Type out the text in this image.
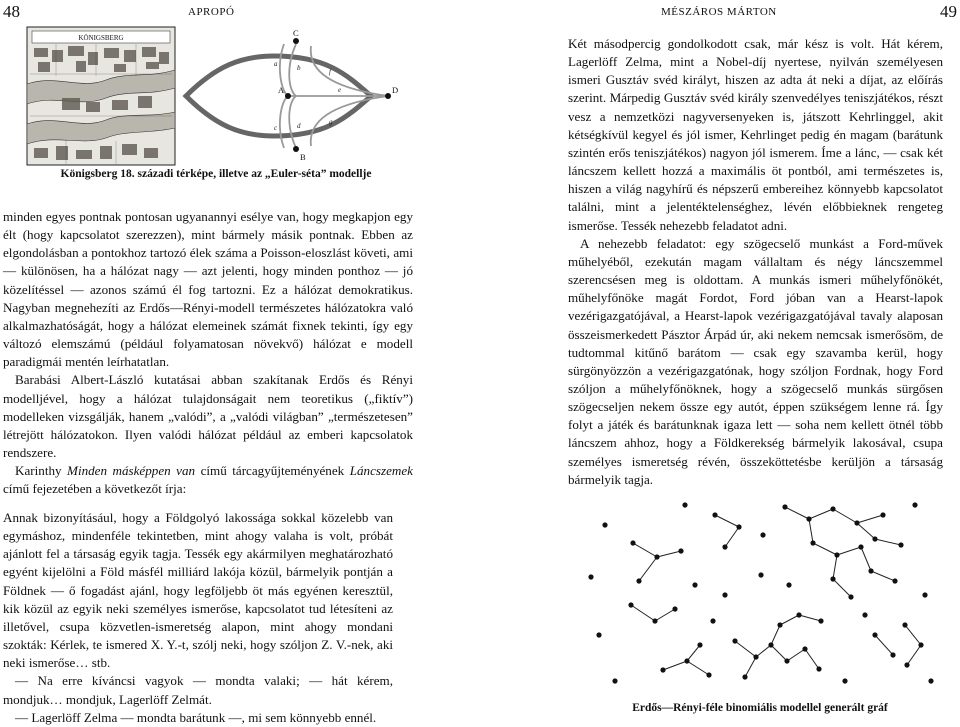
48	APROPÓ	MÉSZÁROS MÁRTON	49
KÖNIGSBERG	C
A
B
D
a	b
c	d
e
f
g
Königsberg 18. századi térképe, illetve az „Euler-séta” modellje

minden egyes pontnak pontosan ugyanannyi esélye van, hogy megkapjon egy élt (hogy kapcsolatot szerezzen), mint bármely másik pontnak. Ebben az elgondolásban a pontokhoz tartozó élek száma a Poisson-eloszlást követi, ami — különösen, ha a hálózat nagy — azt jelenti, hogy minden ponthoz — jó közelítéssel — azonos számú él fog tartozni. Ez a hálózat demokratikus. Nagyban megnehezíti az Erdős—Rényi-modell természetes hálózatokra való alkalmazhatóságát, hogy a hálózat elemeinek számát fixnek tekinti, így egy változó elemszámú (például folyamatosan növekvő) hálózat e modell paradigmái mentén leírhatatlan.

Barabási Albert-László kutatásai abban szakítanak Erdős és Rényi modelljével, hogy a hálózat tulajdonságait nem teoretikus („fiktív”) modelleken vizsgálják, hanem „valódi”, a „valódi világban” „természetesen” létrejött hálózatokon. Ilyen valódi hálózat például az emberi kapcsolatok rendszere.

Karinthy Minden másképpen van című tárcagyűjteményének Láncszemek című fejezetében a következőt írja:

Annak bizonyításául, hogy a Földgolyó lakossága sokkal közelebb van egymáshoz, mindenféle tekintetben, mint ahogy valaha is volt, próbát ajánlott fel a társaság egyik tagja. Tessék egy akármilyen meghatározható egyént kijelölni a Föld másfél milliárd lakója közül, bármelyik pontján a Földnek — ő fogadást ajánl, hogy legföljebb öt más egyénen keresztül, kik közül az egyik neki személyes ismerőse, kapcsolatot tud létesíteni az illetővel, csupa közvetlen-ismeretség alapon, mint ahogy mondani szokták: Kérlek, te ismered X. Y.-t, szólj neki, hogy szóljon Z. V.-nek, aki neki ismerőse… stb.

— Na erre kíváncsi vagyok — mondta valaki; — hát kérem, mondjuk… mondjuk, Lagerlöff Zelmát.

— Lagerlöff Zelma — mondta barátunk —, mi sem könnyebb ennél.

Két másodpercig gondolkodott csak, már kész is volt. Hát kérem, Lagerlöff Zelma, mint a Nobel-díj nyertese, nyilván személyesen ismeri Gusztáv svéd királyt, hiszen az adta át neki a díjat, az előírás szerint. Márpedig Gusztáv svéd király szenvedélyes teniszjátékos, részt vesz a nemzetközi nagyversenyeken is, játszott Kehrlinggel, akit kétségkívül kegyel és jól ismer, Kehrlinget pedig én magam (barátunk szintén erős teniszjátékos) nagyon jól ismerem. Íme a lánc, — csak két láncszem kellett hozzá a maximális öt pontból, ami természetes is, hiszen a világ nagyhírű és népszerű embereihez könnyebb kapcsolatot találni, mint a jelentéktelenséghez, lévén előbbieknek rengeteg ismerőse. Tessék nehezebb feladatot adni.

A nehezebb feladatot: egy szögecselő munkást a Ford-művek műhelyéből, ezekután magam vállaltam és négy láncszemmel szerencsésen meg is oldottam. A munkás ismeri műhelyfőnökét, műhelyfőnöke magát Fordot, Ford jóban van a Hearst-lapok vezérigazgatójával, a Hearst-lapok vezérigazgatójával tavaly alaposan összeismerkedett Pásztor Árpád úr, aki nekem nemcsak ismerősöm, de tudtommal kitűnő barátom — csak egy szavamba kerül, hogy sürgönyözzön a vezérigazgatónak, hogy szóljon Fordnak, hogy Ford szóljon a műhelyfőnöknek, hogy a szögecselő munkás sürgősen szögecseljen nekem össze egy autót, éppen szükségem lenne rá. Így folyt a játék és barátunknak igaza lett — soha nem kellett ötnél több láncszem ahhoz, hogy a Földkerekség bármelyik lakosával, csupa személyes ismeretség révén, összeköttetésbe kerüljön a társaság bármelyik tagja.

Erdős—Rényi-féle binomiális modellel generált gráf
